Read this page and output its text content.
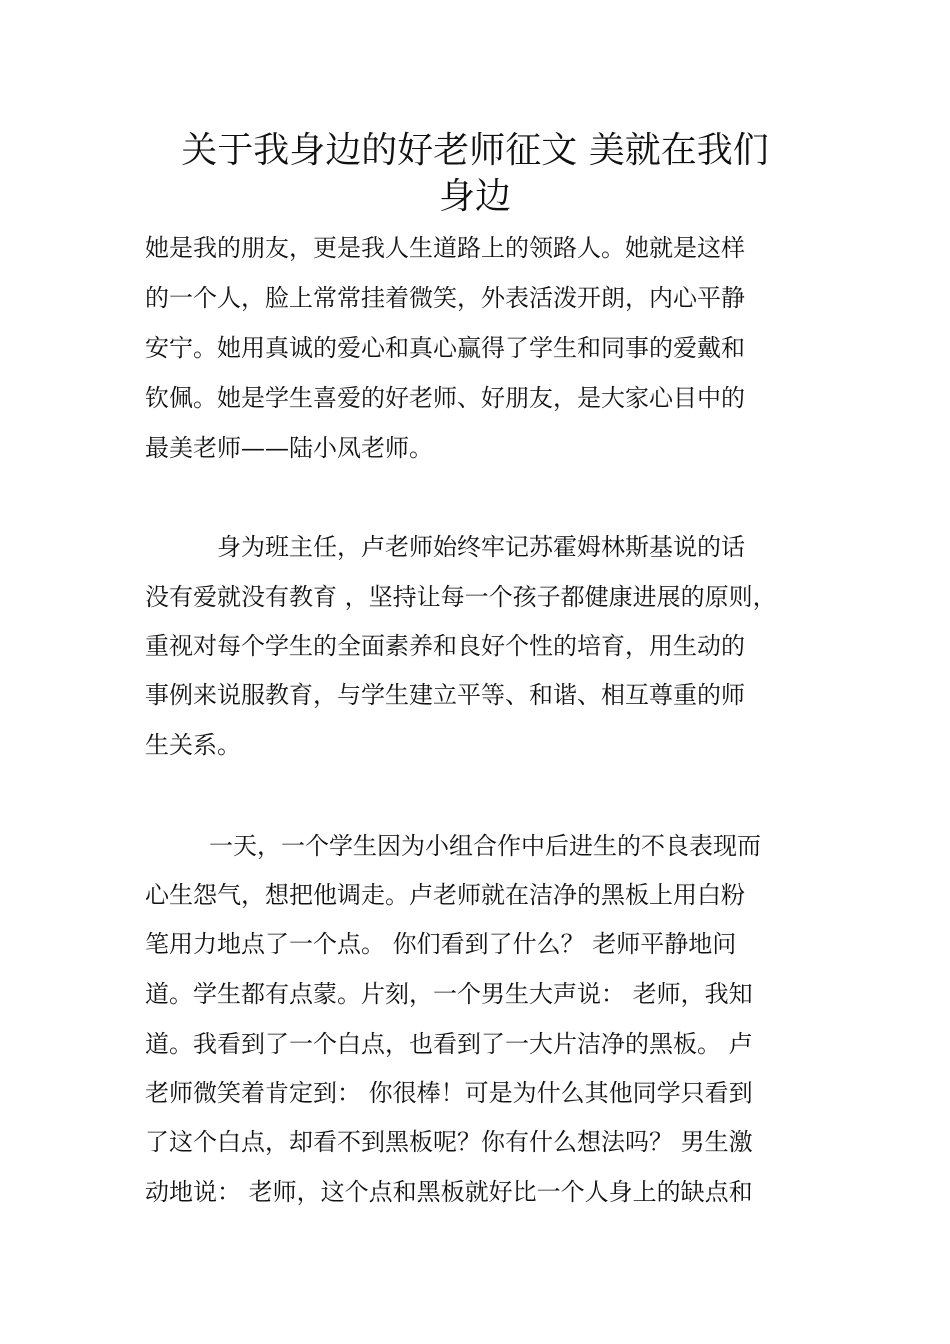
关于我身边的好老师征文 美就在我们
身边
她是我的朋友，更是我人生道路上的领路人。她就是这样
的一个人，脸上常常挂着微笑，外表活泼开朗，内心平静
安宁。她用真诚的爱心和真心赢得了学生和同事的爱戴和
钦佩。她是学生喜爱的好老师、好朋友，是大家心目中的
最美老师——陆小凤老师。
身为班主任，卢老师始终牢记苏霍姆林斯基说的话
没有爱就没有教育 ，坚持让每一个孩子都健康进展的原则，
重视对每个学生的全面素养和良好个性的培育，用生动的
事例来说服教育，与学生建立平等、和谐、相互尊重的师
生关系。
一天，一个学生因为小组合作中后进生的不良表现而
心生怨气，想把他调走。卢老师就在洁净的黑板上用白粉
笔用力地点了一个点。 你们看到了什么？ 老师平静地问
道。学生都有点蒙。片刻，一个男生大声说： 老师，我知
道。我看到了一个白点，也看到了一大片洁净的黑板。 卢
老师微笑着肯定到： 你很棒！可是为什么其他同学只看到
了这个白点，却看不到黑板呢？你有什么想法吗？ 男生激
动地说： 老师，这个点和黑板就好比一个人身上的缺点和
